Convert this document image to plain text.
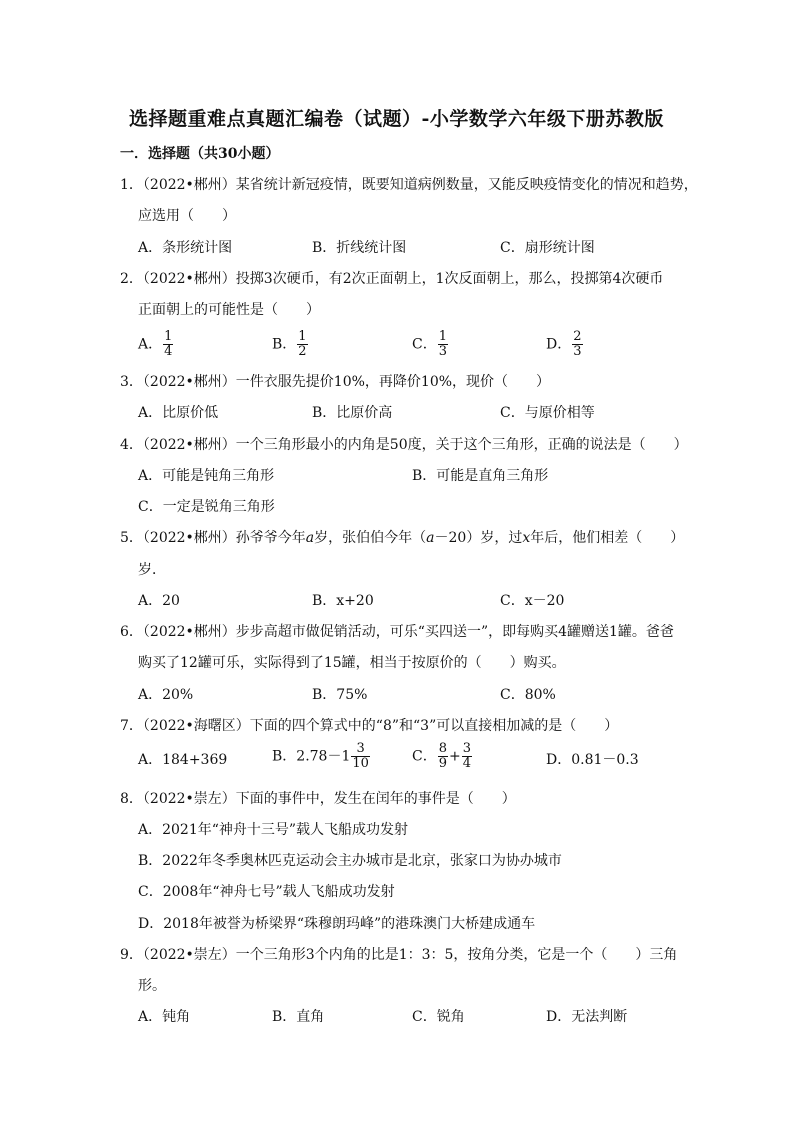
选择题重难点真题汇编卷（试题）-小学数学六年级下册苏教版
一．选择题（共30小题）
1．（2022•郴州）某省统计新冠疫情，既要知道病例数量，又能反映疫情变化的情况和趋势，
应选用（　　）
A．条形统计图	B．折线统计图	C．扇形统计图
2．（2022•郴州）投掷3次硬币，有2次正面朝上，1次反面朝上，那么，投掷第4次硬币
正面朝上的可能性是（　　）
A． $\frac{1}{4}$	B． $\frac{1}{2}$	C． $\frac{1}{3}$	D． $\frac{2}{3}$
3．（2022•郴州）一件衣服先提价10%，再降价10%，现价（　　）
A．比原价低	B．比原价高	C．与原价相等
4．（2022•郴州）一个三角形最小的内角是50度，关于这个三角形，正确的说法是（　　）
A．可能是钝角三角形	B．可能是直角三角形
C．一定是锐角三角形
5．（2022•郴州）孙爷爷今年a岁，张伯伯今年（a－20）岁，过x年后，他们相差（　　）
岁．
A．20	B．x+20	C．x－20
6．（2022•郴州）步步高超市做促销活动，可乐“买四送一”，即每购买4罐赠送1罐。爸爸
购买了12罐可乐，实际得到了15罐，相当于按原价的（　　）购买。
A．20%	B．75%	C．80%
7．（2022•海曙区）下面的四个算式中的“8”和“3”可以直接相加减的是（　　）
A．184+369	B．$2.78-1 \frac{3}{10}$	C． $\frac{8}{9} + \frac{3}{4}$	D．0.81－0.3
8．（2022•崇左）下面的事件中，发生在闰年的事件是（　　）
A．2021年“神舟十三号”载人飞船成功发射
B．2022年冬季奥林匹克运动会主办城市是北京，张家口为协办城市
C．2008年“神舟七号”载人飞船成功发射
D．2018年被誉为桥梁界“珠穆朗玛峰”的港珠澳门大桥建成通车
9．（2022•崇左）一个三角形3个内角的比是1：3：5，按角分类，它是一个（　　）三角
形。
A．钝角	B．直角	C．锐角	D．无法判断
